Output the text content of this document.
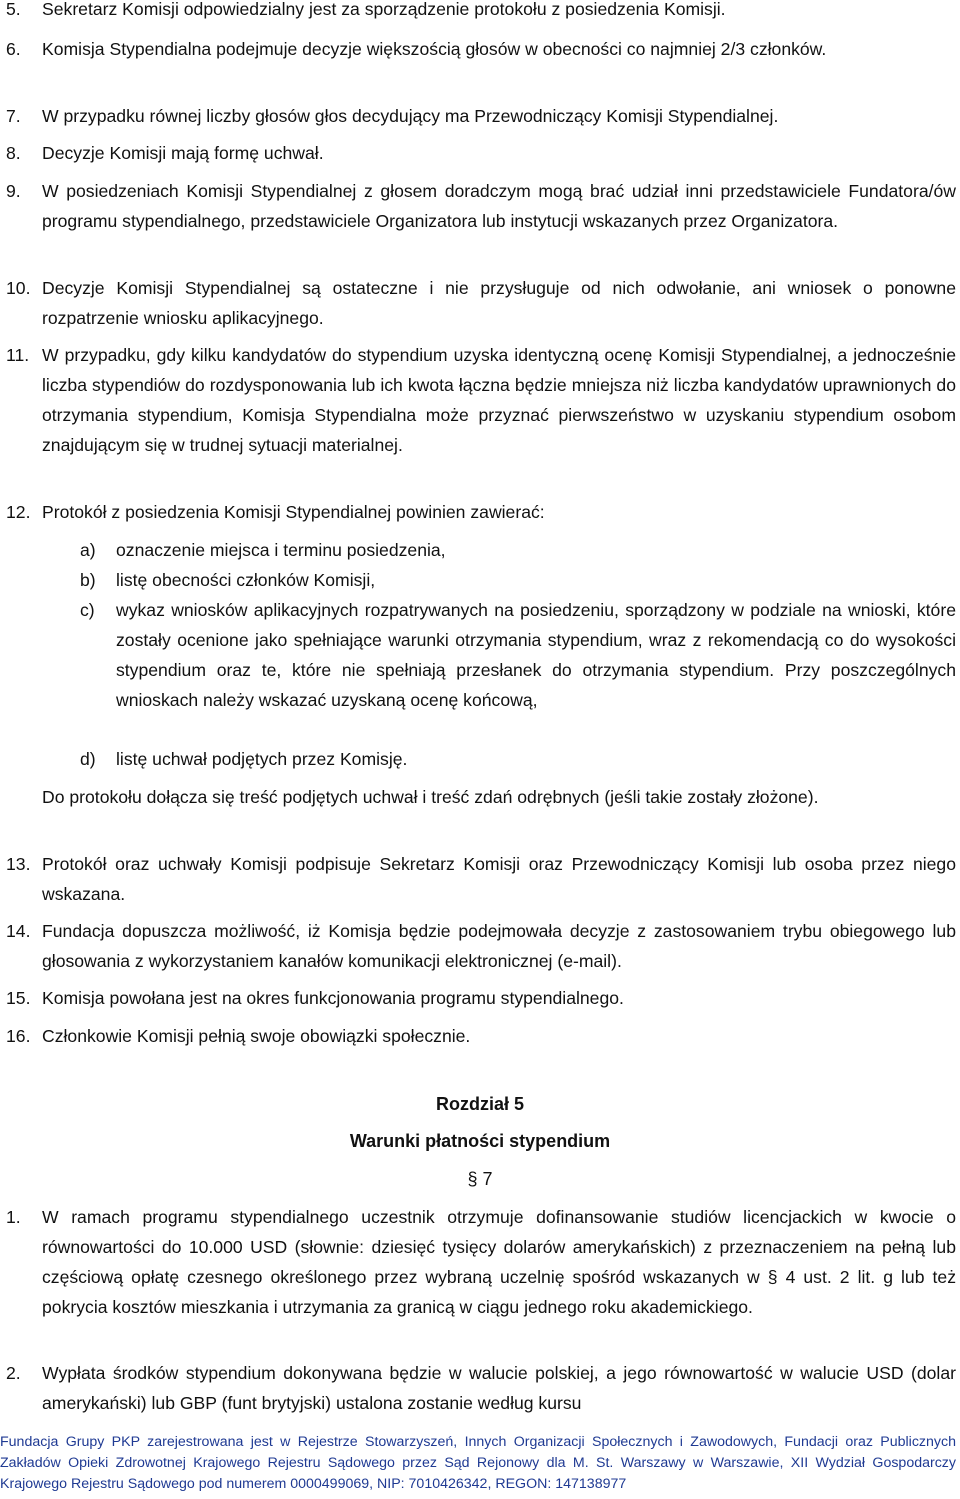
5. Sekretarz Komisji odpowiedzialny jest za sporządzenie protokołu z posiedzenia Komisji.
6. Komisja Stypendialna podejmuje decyzje większością głosów w obecności co najmniej 2/3 członków.
7. W przypadku równej liczby głosów głos decydujący ma Przewodniczący Komisji Stypendialnej.
8. Decyzje Komisji mają formę uchwał.
9. W posiedzeniach Komisji Stypendialnej z głosem doradczym mogą brać udział inni przedstawiciele Fundatora/ów programu stypendialnego, przedstawiciele Organizatora lub instytucji wskazanych przez Organizatora.
10. Decyzje Komisji Stypendialnej są ostateczne i nie przysługuje od nich odwołanie, ani wniosek o ponowne rozpatrzenie wniosku aplikacyjnego.
11. W przypadku, gdy kilku kandydatów do stypendium uzyska identyczną ocenę Komisji Stypendialnej, a jednocześnie liczba stypendiów do rozdysponowania lub ich kwota łączna będzie mniejsza niż liczba kandydatów uprawnionych do otrzymania stypendium, Komisja Stypendialna może przyznać pierwszeństwo w uzyskaniu stypendium osobom znajdującym się w trudnej sytuacji materialnej.
12. Protokół z posiedzenia Komisji Stypendialnej powinien zawierać:
a) oznaczenie miejsca i terminu posiedzenia,
b) listę obecności członków Komisji,
c) wykaz wniosków aplikacyjnych rozpatrywanych na posiedzeniu, sporządzony w podziale na wnioski, które zostały ocenione jako spełniające warunki otrzymania stypendium, wraz z rekomendacją co do wysokości stypendium oraz te, które nie spełniają przesłanek do otrzymania stypendium. Przy poszczególnych wnioskach należy wskazać uzyskaną ocenę końcową,
d) listę uchwał podjętych przez Komisję.
Do protokołu dołącza się treść podjętych uchwał i treść zdań odrębnych (jeśli takie zostały złożone).
13. Protokół oraz uchwały Komisji podpisuje Sekretarz Komisji oraz Przewodniczący Komisji lub osoba przez niego wskazana.
14. Fundacja dopuszcza możliwość, iż Komisja będzie podejmowała decyzje z zastosowaniem trybu obiegowego lub głosowania z wykorzystaniem kanałów komunikacji elektronicznej (e-mail).
15. Komisja powołana jest na okres funkcjonowania programu stypendialnego.
16. Członkowie Komisji pełnią swoje obowiązki społecznie.
Rozdział 5
Warunki płatności stypendium
§ 7
1. W ramach programu stypendialnego uczestnik otrzymuje dofinansowanie studiów licencjackich w kwocie o równowartości do 10.000 USD (słownie: dziesięć tysięcy dolarów amerykańskich) z przeznaczeniem na pełną lub częściową opłatę czesnego określonego przez wybraną uczelnię spośród wskazanych w § 4 ust. 2 lit. g lub też pokrycia kosztów mieszkania i utrzymania za granicą w ciągu jednego roku akademickiego.
2. Wypłata środków stypendium dokonywana będzie w walucie polskiej, a jego równowartość w walucie USD (dolar amerykański) lub GBP (funt brytyjski) ustalona zostanie według kursu
Fundacja Grupy PKP zarejestrowana jest w Rejestrze Stowarzyszeń, Innych Organizacji Społecznych i Zawodowych, Fundacji oraz Publicznych Zakładów Opieki Zdrowotnej Krajowego Rejestru Sądowego przez Sąd Rejonowy dla M. St. Warszawy w Warszawie, XII Wydział Gospodarczy Krajowego Rejestru Sądowego pod numerem 0000499069, NIP: 7010426342, REGON: 147138977
